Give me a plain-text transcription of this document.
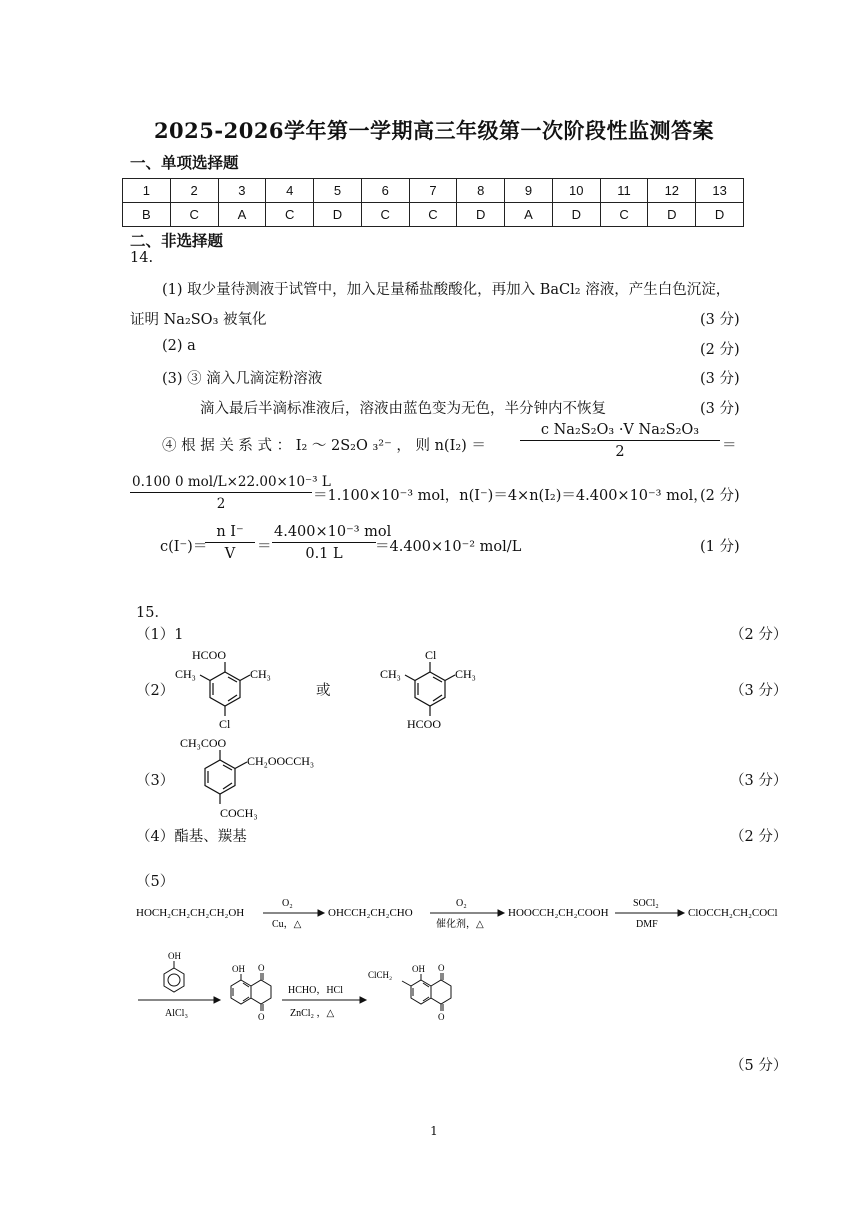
2025-2026学年第一学期高三年级第一次阶段性监测答案
一、单项选择题
1	2	3	4	5	6	7	8	9	10	11	12	13
B	C	A	C	D	C	C	D	A	D	C	D	D
二、非选择题
14.
(1) 取少量待测液于试管中，加入足量稀盐酸酸化，再加入 BaCl₂ 溶液，产生白色沉淀，
证明 Na₂SO₃ 被氧化	(3 分)
(2) a	(2 分)
(3) ③ 滴入几滴淀粉溶液	(3 分)
滴入最后半滴标准液后，溶液由蓝色变为无色，半分钟内不恢复	(3 分)
④ 根 据 关 系 式 ： I₂ ～ 2S₂O ₃²⁻ ， 则 $n(I_2) = \frac{\text{c Na₂S₂O₃ ·V Na₂S₂O₃}}{2}$ ＝
$\frac{\text{0.100 0 mol/L×22.00×10⁻³ L}}{2} =1.100\times 10^{-3}$ mol，n(I⁻)＝4×n(I₂)＝4.400×10⁻³ mol，
(2 分)
c(I⁻)＝
$\frac{\text{n I⁻}}{V} = \frac{\text{4.400×10⁻³ mol}}{0.1 L} =4.400\times 10^{-2}$ mol/L	(1 分)
15．
（1）1	（2 分）
（2）	或	（3 分）
HCOO
CH₃	CH₃
Cl
Cl
CH₃	CH₃
HCOO
（3）	（3 分）
CH₃COO
CH₂OOCCH₃
COCH₃
（4）酯基、羰基	（2 分）
（5）
HOCH₂CH₂CH₂CH₂OH
O₂
Cu，△
OHCCH₂CH₂CHO
O₂
催化剂，△
HOOCCH₂CH₂COOH
SOCl₂
DMF
ClOCCH₂CH₂COCl
OH
AlCl₃
OH O
O
HCHO，HCl
ZnCl₂ ，△
ClCH₂
OH O
O
（5 分）
1
